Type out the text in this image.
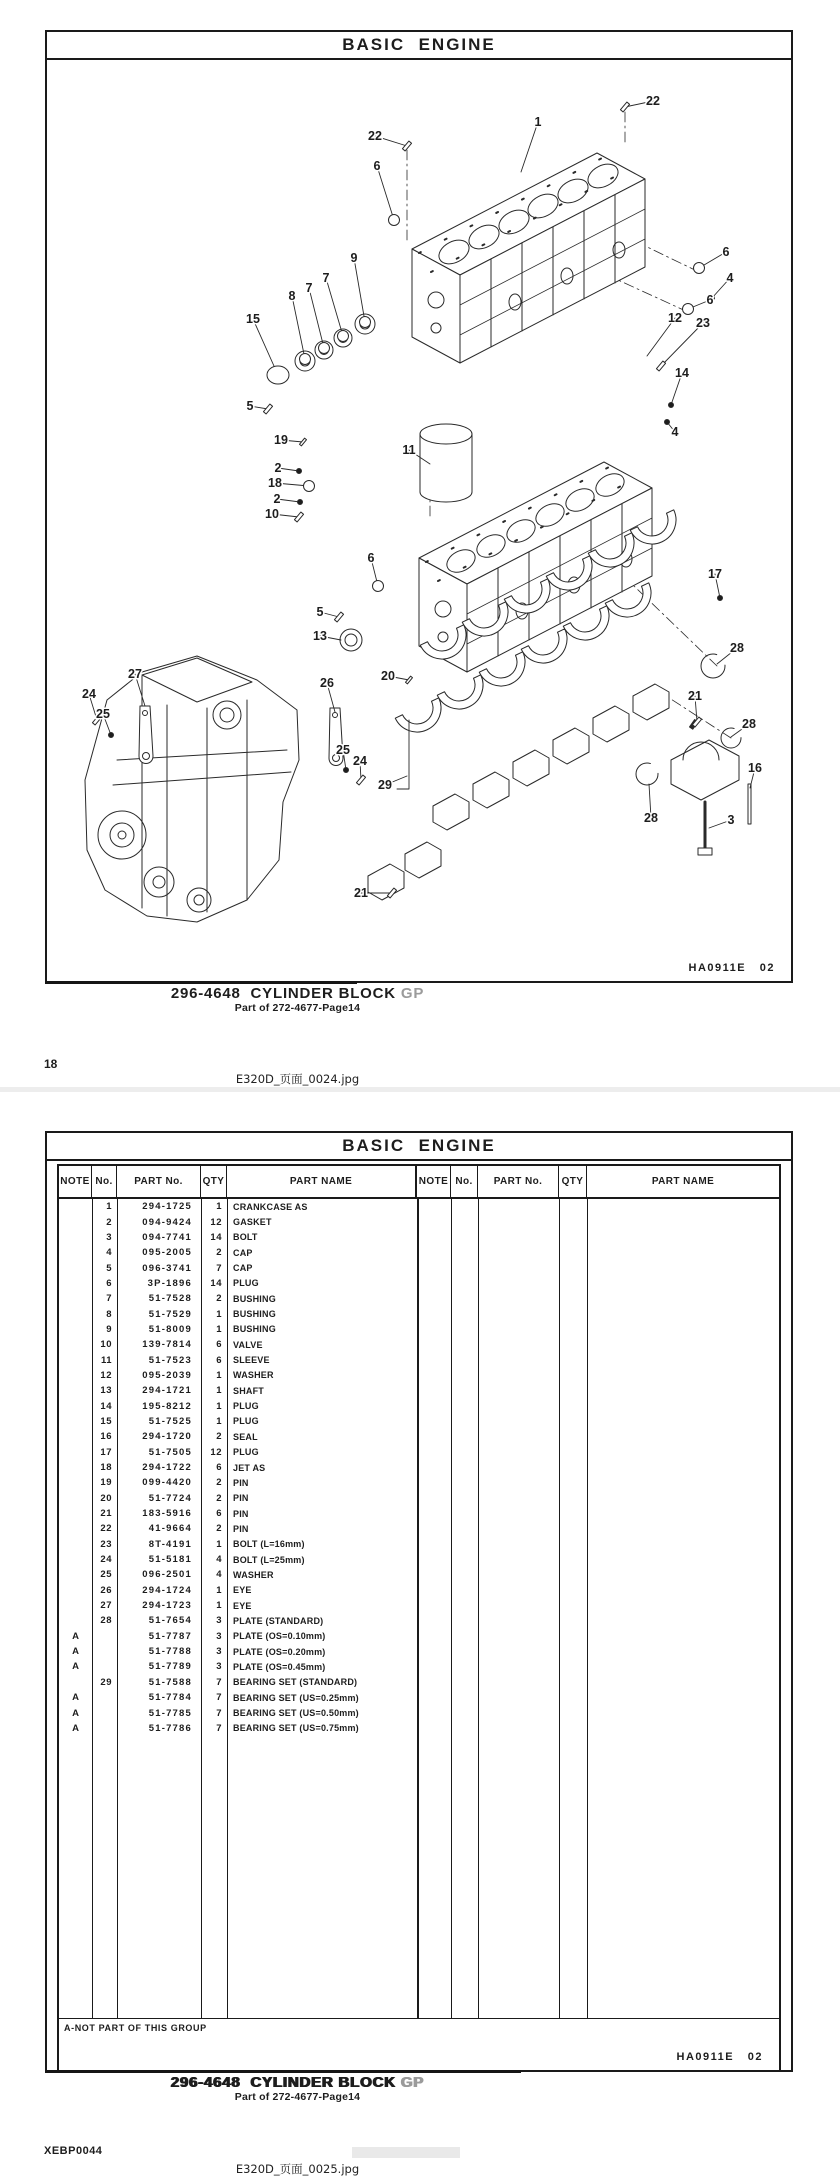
BASIC  ENGINE
22
1
22
6
9
7
7
8
15
6
4
6
12 23
14
4
5
19
2
18
2
10
11
6
5
13
20
17
28
21
28
16
3
28
29
21
26
25
24
27
24
25
HA0911E   02
296-4648  CYLINDER BLOCK GP
Part of 272-4677-Page14
18
E320D_页面_0024.jpg
BASIC  ENGINE
NOTE No.	PART No.	QTY	PART NAME	NOTE No.	PART No.	QTY	PART NAME
1	294-1725	1	CRANKCASE AS
2	094-9424	12	GASKET
3	094-7741	14	BOLT
4	095-2005	2	CAP
5	096-3741	7	CAP
6	3P-1896	14	PLUG
7	51-7528	2	BUSHING
8	51-7529	1	BUSHING
9	51-8009	1	BUSHING
10	139-7814	6	VALVE
11	51-7523	6	SLEEVE
12	095-2039	1	WASHER
13	294-1721	1	SHAFT
14	195-8212	1	PLUG
15	51-7525	1	PLUG
16	294-1720	2	SEAL
17	51-7505	12	PLUG
18	294-1722	6	JET AS
19	099-4420	2	PIN
20	51-7724	2	PIN
21	183-5916	6	PIN
22	41-9664	2	PIN
23	8T-4191	1	BOLT (L=16mm)
24	51-5181	4	BOLT (L=25mm)
25	096-2501	4	WASHER
26	294-1724	1	EYE
27	294-1723	1	EYE
28	51-7654	3	PLATE (STANDARD)
A	51-7787	3	PLATE (OS=0.10mm)
A	51-7788	3	PLATE (OS=0.20mm)
A	51-7789	3	PLATE (OS=0.45mm)
29	51-7588	7	BEARING SET (STANDARD)
A	51-7784	7	BEARING SET (US=0.25mm)
A	51-7785	7	BEARING SET (US=0.50mm)
A	51-7786	7	BEARING SET (US=0.75mm)
A-NOT PART OF THIS GROUP
HA0911E   02
296-4648  CYLINDER BLOCK GP
Part of 272-4677-Page14
XEBP0044
E320D_页面_0025.jpg
